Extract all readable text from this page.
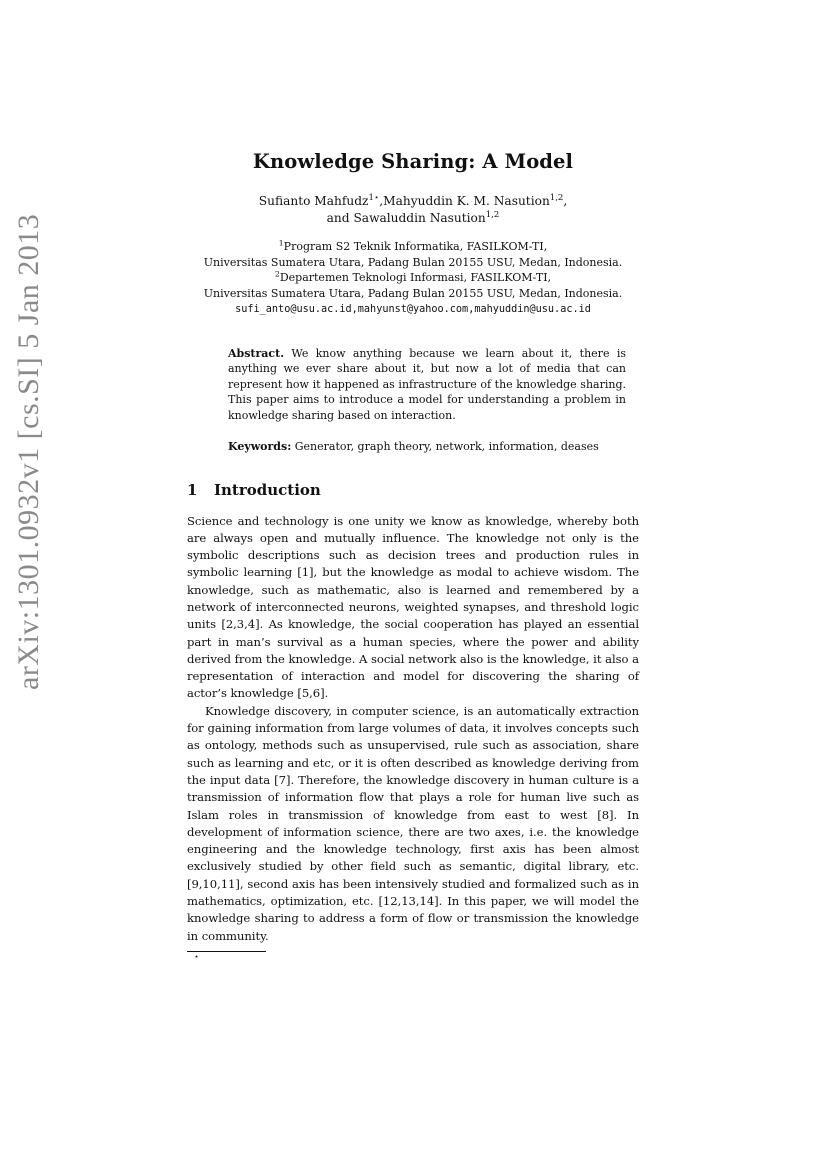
arXiv:1301.0932v1 [cs.SI] 5 Jan 2013
Knowledge Sharing: A Model
Sufianto Mahfudz$^{1⋆}$,Mahyuddin K. M. Nasution$^{1,2}$,
and Sawaluddin Nasution$^{1,2}$
$^1$Program S2 Teknik Informatika, FASILKOM-TI,
Universitas Sumatera Utara, Padang Bulan 20155 USU, Medan, Indonesia.
$^2$Departemen Teknologi Informasi, FASILKOM-TI,
Universitas Sumatera Utara, Padang Bulan 20155 USU, Medan, Indonesia.
sufi_anto@usu.ac.id,mahyunst@yahoo.com,mahyuddin@usu.ac.id
Abstract. We know anything because we learn about it, there is anything we ever share about it, but now a lot of media that can represent how it happened as infrastructure of the knowledge sharing. This paper aims to introduce a model for understanding a problem in knowledge sharing based on interaction.
Keywords: Generator, graph theory, network, information, deases
1 Introduction

Science and technology is one unity we know as knowledge, whereby both are always open and mutually influence. The knowledge not only is the symbolic descriptions such as decision trees and production rules in symbolic learning [1], but the knowledge as modal to achieve wisdom. The knowledge, such as mathematic, also is learned and remembered by a network of interconnected neurons, weighted synapses, and threshold logic units [2,3,4]. As knowledge, the social cooperation has played an essential part in man’s survival as a human species, where the power and ability derived from the knowledge. A social network also is the knowledge, it also a representation of interaction and model for discovering the sharing of actor’s knowledge [5,6].

Knowledge discovery, in computer science, is an automatically extraction for gaining information from large volumes of data, it involves concepts such as ontology, methods such as unsupervised, rule such as association, share such as learning and etc, or it is often described as knowledge deriving from the input data [7]. Therefore, the knowledge discovery in human culture is a transmission of information flow that plays a role for human live such as Islam roles in transmission of knowledge from east to west [8]. In development of information science, there are two axes, i.e. the knowledge engineering and the knowledge technology, first axis has been almost exclusively studied by other field such as semantic, digital library, etc. [9,10,11], second axis has been intensively studied and formalized such as in mathematics, optimization, etc. [12,13,14]. In this paper, we will model the knowledge sharing to address a form of flow or transmission the knowledge in community.

⋆
